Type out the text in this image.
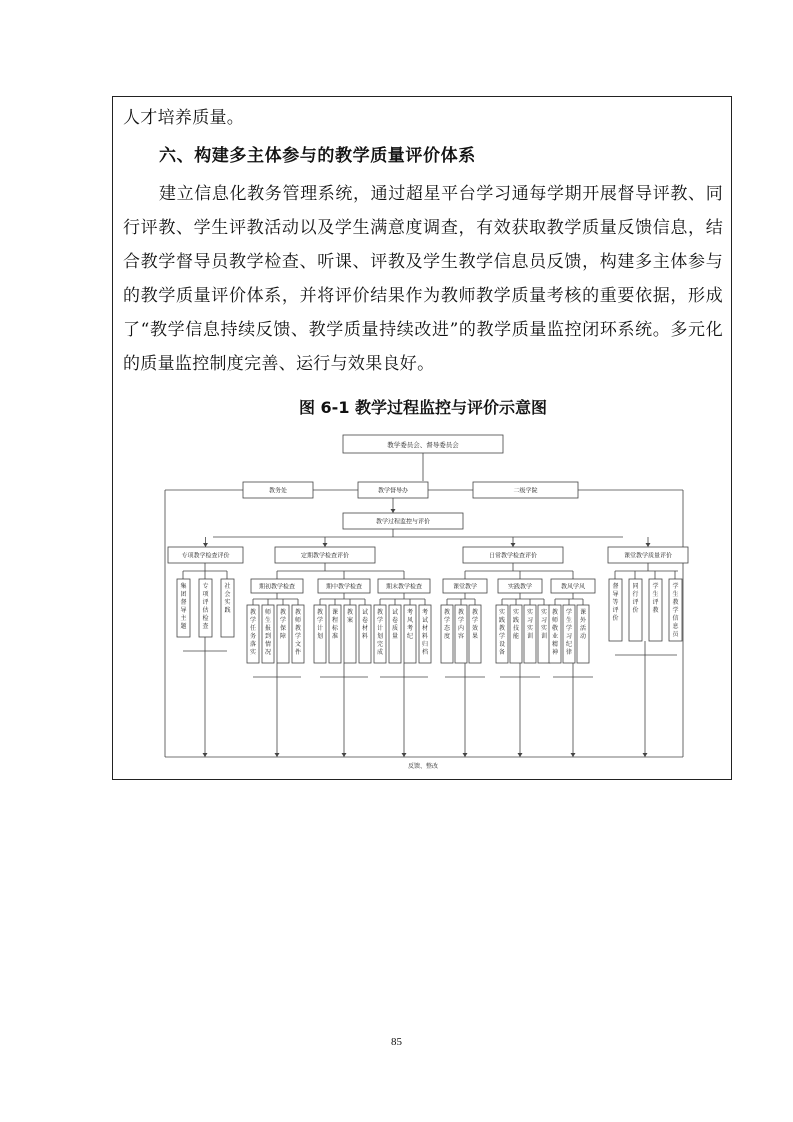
人才培养质量。

六、构建多主体参与的教学质量评价体系

建立信息化教务管理系统，通过超星平台学习通每学期开展督导评教、同行评教、学生评教活动以及学生满意度调查，有效获取教学质量反馈信息，结合教学督导员教学检查、听课、评教及学生教学信息员反馈，构建多主体参与的教学质量评价体系，并将评价结果作为教师教学质量考核的重要依据，形成了“教学信息持续反馈、教学质量持续改进”的教学质量监控闭环系统。多元化的质量监控制度完善、运行与效果良好。

图 6-1 教学过程监控与评价示意图

教学委员会、督导委员会
教务处	教学督导办	二级学院
教学过程监控与评价
专项教学检查评价	定期教学检查评价	日常教学检查评价	课堂教学质量评价
集团督导主题
专项评估检查
社会实践
期初教学检查
教学任务落实
师生报到情况
教学保障
教师教学文件
期中教学检查
教学计划
课程标准
教案
试卷材料
期末教学检查
教学计划完成
试卷质量
考风考纪
考试材料归档
课堂教学
教学态度
教学内容
教学效果
实践教学
实践教学设备
实践技能
实习实训
实习实训
教风学风
教师敬业精神
学生学习纪律
课外活动
督导等评价
同行评价
学生评教
学生教学信息员
反馈、整改
85
